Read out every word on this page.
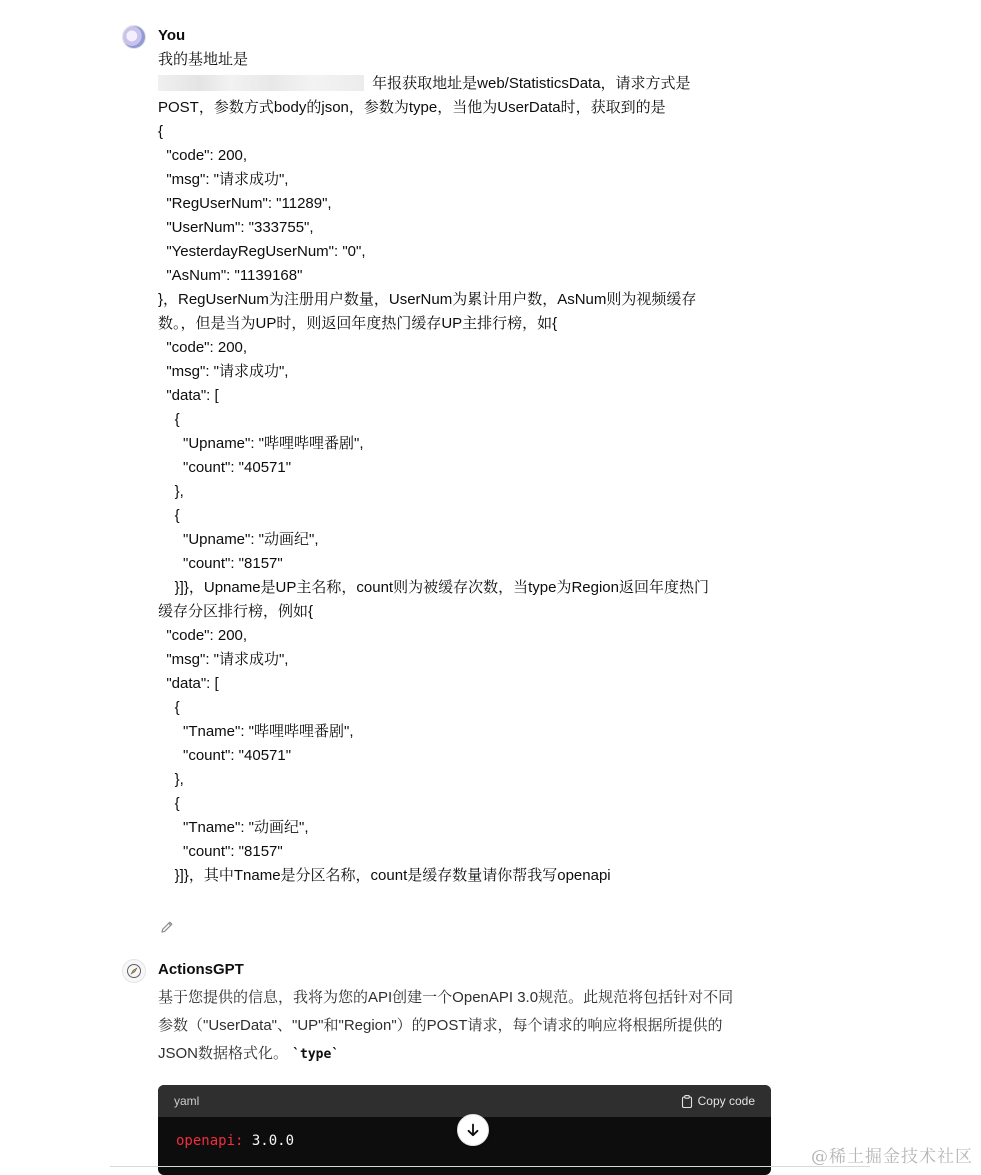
You
我的基地址是
年报获取地址是web/StatisticsData，请求方式是
POST，参数方式body的json，参数为type，当他为UserData时，获取到的是
{
"code": 200,
"msg": "请求成功",
"RegUserNum": "11289",
"UserNum": "333755",
"YesterdayRegUserNum": "0",
"AsNum": "1139168"
}，RegUserNum为注册用户数量，UserNum为累计用户数，AsNum则为视频缓存
数。，但是当为UP时，则返回年度热门缓存UP主排行榜，如{
"code": 200,
"msg": "请求成功",
"data": [
{
"Upname": "哔哩哔哩番剧",
"count": "40571"
},
{
"Upname": "动画纪",
"count": "8157"
}]}，Upname是UP主名称，count则为被缓存次数，当type为Region返回年度热门
缓存分区排行榜，例如{
"code": 200,
"msg": "请求成功",
"data": [
{
"Tname": "哔哩哔哩番剧",
"count": "40571"
},
{
"Tname": "动画纪",
"count": "8157"
}]}，其中Tname是分区名称，count是缓存数量请你帮我写openapi
ActionsGPT
基于您提供的信息，我将为您的API创建一个OpenAPI 3.0规范。此规范将包括针对不同
参数（"UserData"、"UP"和"Region"）的POST请求，每个请求的响应将根据所提供的
JSON数据格式化。 `type`
yaml	Copy code
openapi: 3.0.0
@稀土掘金技术社区
